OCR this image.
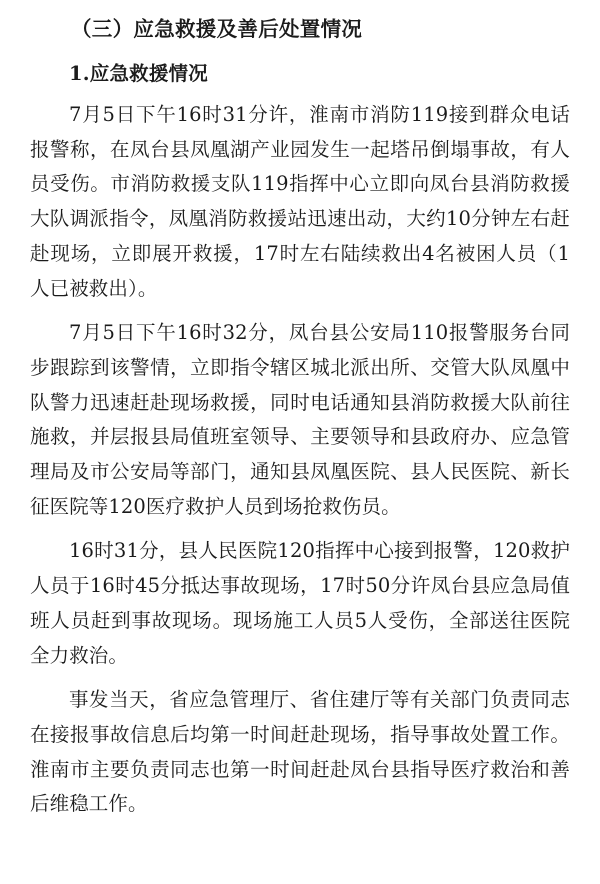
（三）应急救援及善后处置情况
1.应急救援情况

7月5日下午16时31分许，淮南市消防119接到群众电话报警称，在凤台县凤凰湖产业园发生一起塔吊倒塌事故，有人员受伤。市消防救援支队119指挥中心立即向凤台县消防救援大队调派指令，凤凰消防救援站迅速出动，大约10分钟左右赶赴现场，立即展开救援，17时左右陆续救出4名被困人员（1人已被救出）。

7月5日下午16时32分，凤台县公安局110报警服务台同步跟踪到该警情，立即指令辖区城北派出所、交管大队凤凰中队警力迅速赶赴现场救援，同时电话通知县消防救援大队前往施救，并层报县局值班室领导、主要领导和县政府办、应急管理局及市公安局等部门，通知县凤凰医院、县人民医院、新长征医院等120医疗救护人员到场抢救伤员。

16时31分，县人民医院120指挥中心接到报警，120救护人员于16时45分抵达事故现场，17时50分许凤台县应急局值班人员赶到事故现场。现场施工人员5人受伤，全部送往医院全力救治。

事发当天，省应急管理厅、省住建厅等有关部门负责同志在接报事故信息后均第一时间赶赴现场，指导事故处置工作。淮南市主要负责同志也第一时间赶赴凤台县指导医疗救治和善后维稳工作。
